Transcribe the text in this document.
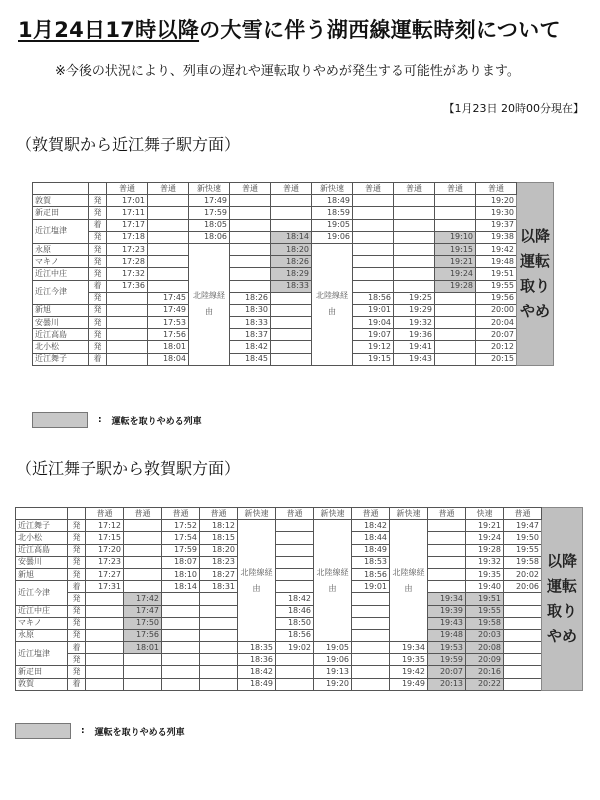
1月24日17時以降の大雪に伴う湖西線運転時刻について
※今後の状況により、列車の遅れや運転取りやめが発生する可能性があります。
【1月23日 20時00分現在】
（敦賀駅から近江舞子駅方面）
		普通	普通	新快速	普通	普通	新快速	普通	普通	普通	普通	以降運転取りやめ
敦賀	発	17:01		17:49			18:49				19:20	
新疋田	発	17:11		17:59			18:59				19:30	
近江塩津	着	17:17		18:05			19:05				19:37	
	発	17:18		18:06		18:14	19:06			19:10	19:38	
永原	発	17:23		北陸線経由		18:20	北陸線経由			19:15	19:42	
マキノ	発	17:28				18:26				19:21	19:48	
近江中庄	発	17:32				18:29				19:24	19:51	
近江今津	着	17:36				18:33				19:28	19:55	
	発		17:45		18:26			18:56	19:25		19:56	
新旭	発		17:49		18:30			19:01	19:29		20:00	
安曇川	発		17:53		18:33			19:04	19:32		20:04	
近江高島	発		17:56		18:37			19:07	19:36		20:07	
北小松	発		18:01		18:42			19:12	19:41		20:12	
近江舞子	着		18:04		18:45			19:15	19:43		20:15	
: 運転を取りやめる列車
（近江舞子駅から敦賀駅方面）
		普通	普通	普通	普通	新快速	普通	新快速	普通	新快速	普通	快速	普通	以降運転取りやめ
近江舞子	発	17:12		17:52	18:12	北陸線経由		北陸線経由	18:42	北陸線経由		19:21	19:47	
北小松	発	17:15		17:54	18:15				18:44			19:24	19:50	
近江高島	発	17:20		17:59	18:20				18:49			19:28	19:55	
安曇川	発	17:23		18:07	18:23				18:53			19:32	19:58	
新旭	発	17:27		18:10	18:27				18:56			19:35	20:02	
近江今津	着	17:31		18:14	18:31				19:01			19:40	20:06	
	発		17:42				18:42				19:34	19:51		
近江中庄	発		17:47				18:46				19:39	19:55		
マキノ	発		17:50				18:50				19:43	19:58		
永原	発		17:56				18:56				19:48	20:03		
近江塩津	着		18:01			18:35	19:02	19:05		19:34	19:53	20:08		
	発					18:36		19:06		19:35	19:59	20:09		
新疋田	発					18:42		19:13		19:42	20:07	20:16		
敦賀	着					18:49		19:20		19:49	20:13	20:22		
: 運転を取りやめる列車
